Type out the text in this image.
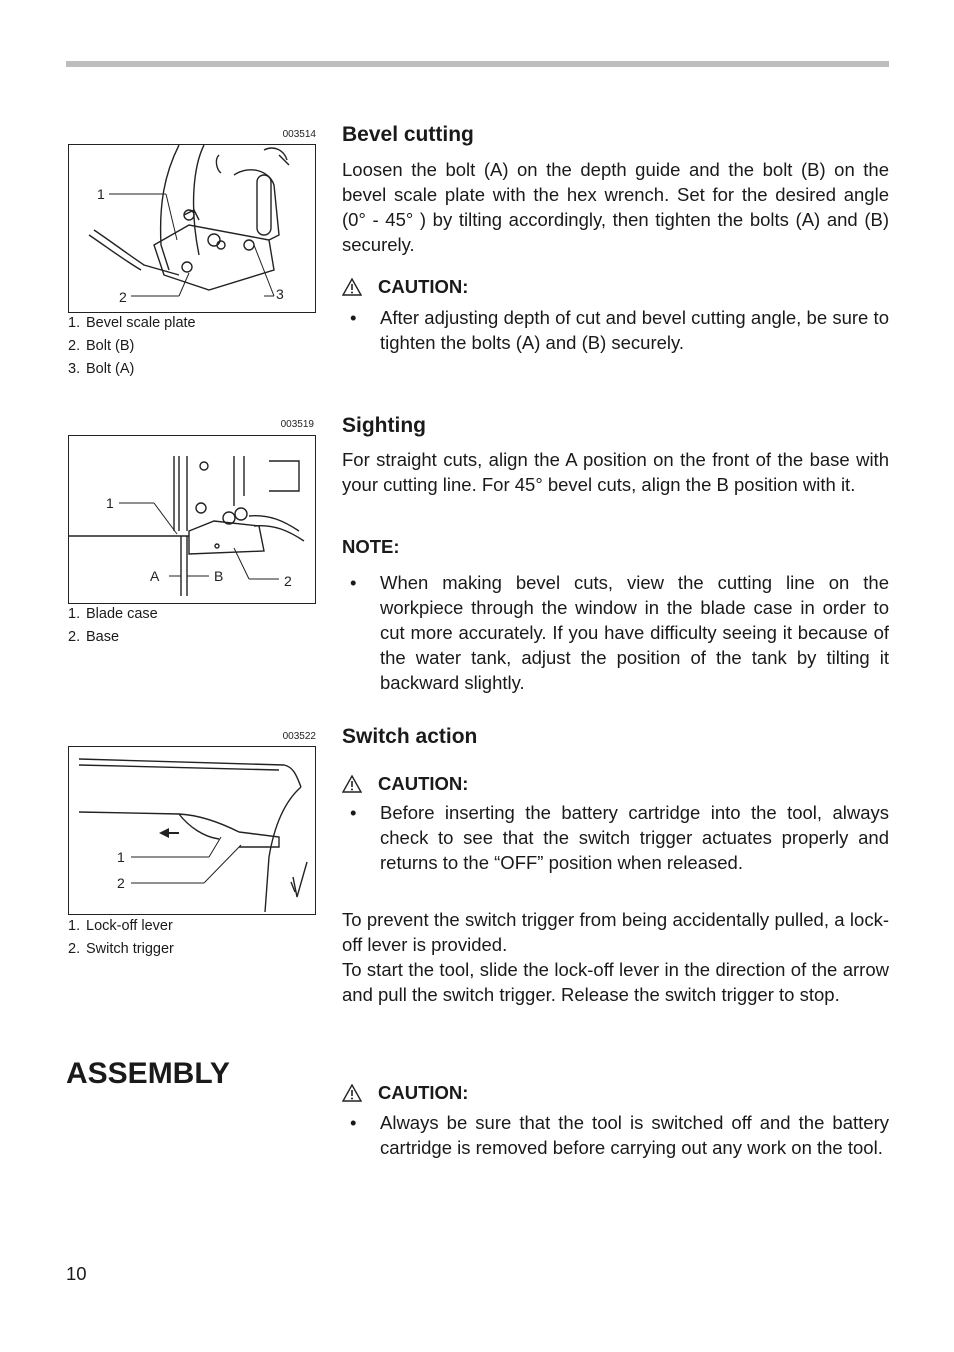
003514
1
2	3
1. Bevel scale plate
2. Bolt (B)
3. Bolt (A)
Bevel cutting

Loosen the bolt (A) on the depth guide and the bolt (B) on the bevel scale plate with the hex wrench. Set for the desired angle (0° - 45° ) by tilting accordingly, then tighten the bolts (A) and (B) securely.

CAUTION:
•	After adjusting depth of cut and bevel cutting angle, be sure to tighten the bolts (A) and (B) securely.
003519
1
A	B	2
1. Blade case
2. Base
Sighting

For straight cuts, align the A position on the front of the base with your cutting line. For 45° bevel cuts, align the B position with it.

NOTE:
•	When making bevel cuts, view the cutting line on the workpiece through the window in the blade case in order to cut more accurately. If you have difficulty seeing it because of the water tank, adjust the position of the tank by tilting it backward slightly.
003522
1
2
1. Lock-off lever
2. Switch trigger
Switch action
CAUTION:
•	Before inserting the battery cartridge into the tool, always check to see that the switch trigger actuates properly and returns to the “OFF” position when released.

To prevent the switch trigger from being accidentally pulled, a lock-off lever is provided.

To start the tool, slide the lock-off lever in the direction of the arrow and pull the switch trigger. Release the switch trigger to stop.

ASSEMBLY
CAUTION:
•	Always be sure that the tool is switched off and the battery cartridge is removed before carrying out any work on the tool.
10
